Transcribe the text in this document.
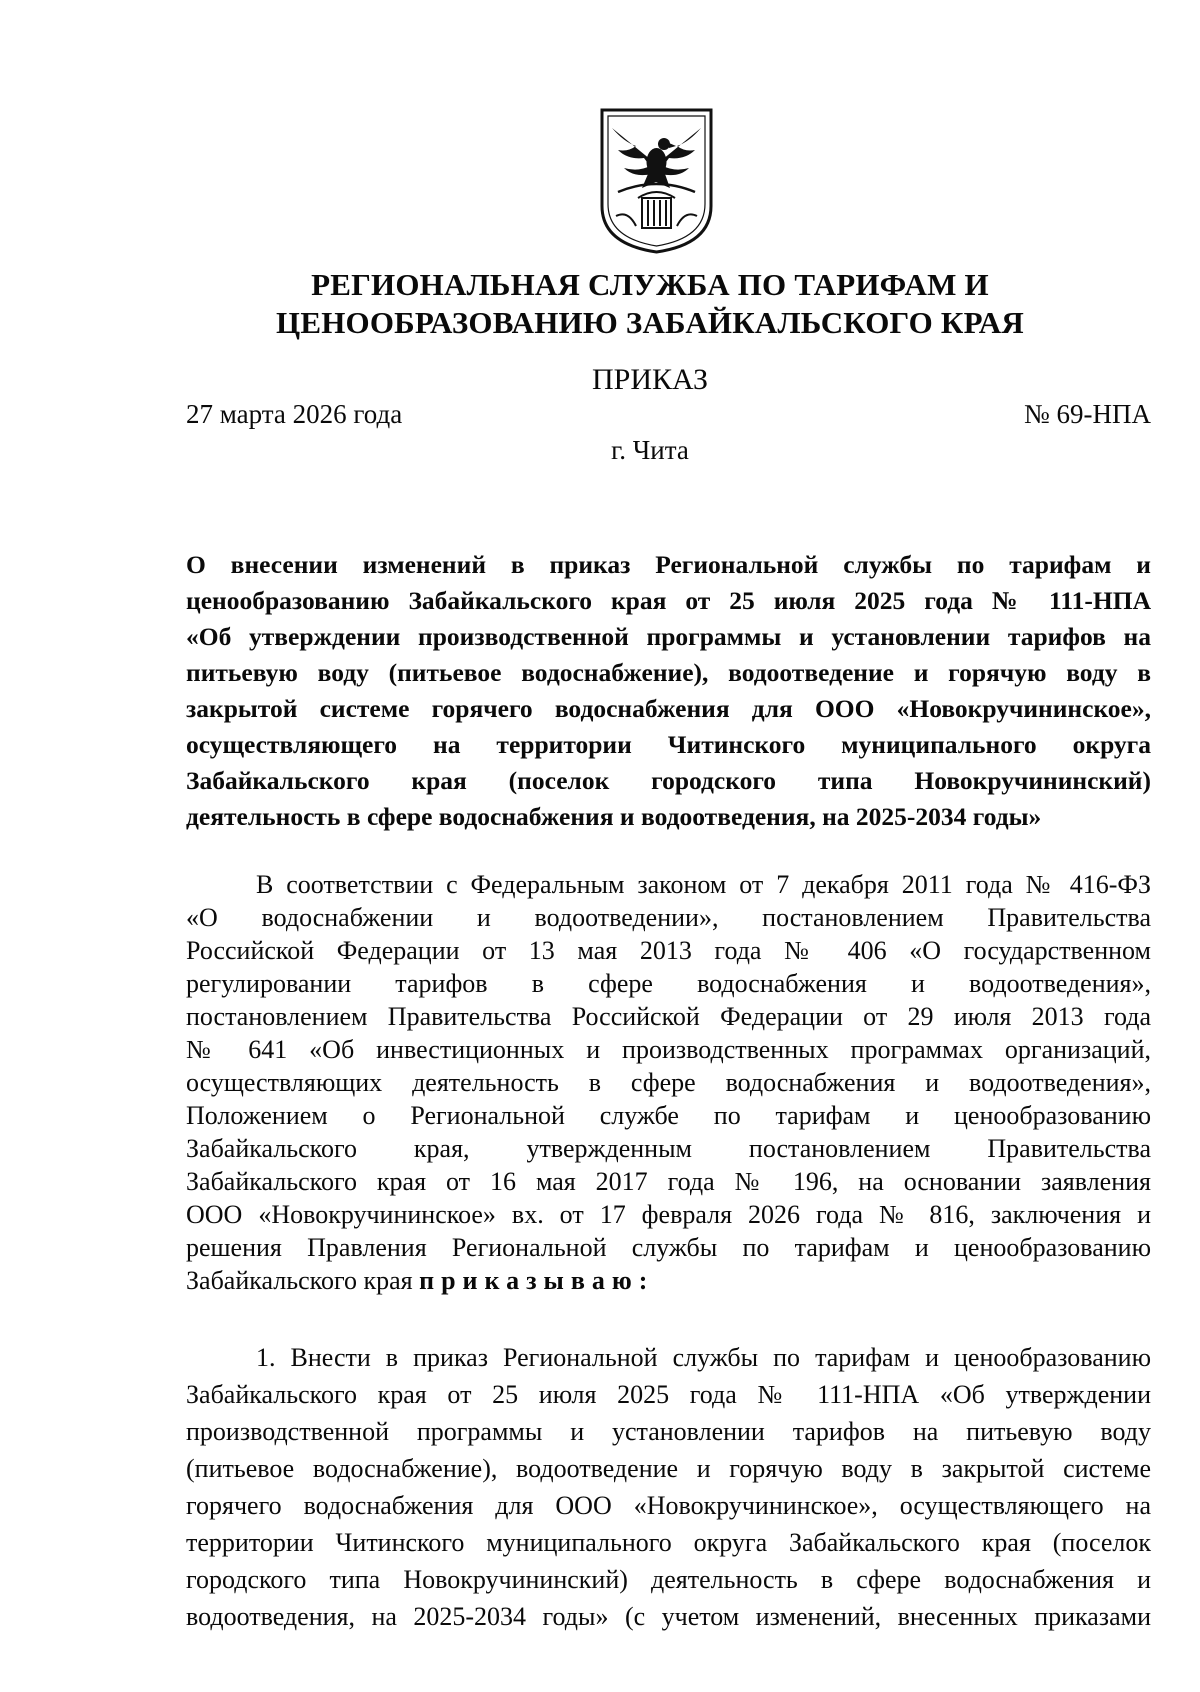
РЕГИОНАЛЬНАЯ СЛУЖБА ПО ТАРИФАМ И
ЦЕНООБРАЗОВАНИЮ ЗАБАЙКАЛЬСКОГО КРАЯ
ПРИКАЗ
27 марта 2026 года	№ 69-НПА
г. Чита
О внесении изменений в приказ Региональной службы по тарифам и
ценообразованию Забайкальского края от 25 июля 2025 года № 111-НПА
«Об утверждении производственной программы и установлении тарифов на
питьевую воду (питьевое водоснабжение), водоотведение и горячую воду в
закрытой системе горячего водоснабжения для ООО «Новокручининское»,
осуществляющего на территории Читинского муниципального округа
Забайкальского края (поселок городского типа Новокручининский)
деятельность в сфере водоснабжения и водоотведения, на 2025-2034 годы»
В соответствии с Федеральным законом от 7 декабря 2011 года № 416-ФЗ
«О водоснабжении и водоотведении», постановлением Правительства
Российской Федерации от 13 мая 2013 года № 406 «О государственном
регулировании тарифов в сфере водоснабжения и водоотведения»,
постановлением Правительства Российской Федерации от 29 июля 2013 года
№ 641 «Об инвестиционных и производственных программах организаций,
осуществляющих деятельность в сфере водоснабжения и водоотведения»,
Положением о Региональной службе по тарифам и ценообразованию
Забайкальского края, утвержденным постановлением Правительства
Забайкальского края от 16 мая 2017 года № 196, на основании заявления
ООО «Новокручининское» вх. от 17 февраля 2026 года № 816, заключения и
решения Правления Региональной службы по тарифам и ценообразованию
Забайкальского края приказываю:
1. Внести в приказ Региональной службы по тарифам и ценообразованию
Забайкальского края от 25 июля 2025 года № 111-НПА «Об утверждении
производственной программы и установлении тарифов на питьевую воду
(питьевое водоснабжение), водоотведение и горячую воду в закрытой системе
горячего водоснабжения для ООО «Новокручининское», осуществляющего на
территории Читинского муниципального округа Забайкальского края (поселок
городского типа Новокручининский) деятельность в сфере водоснабжения и
водоотведения, на 2025-2034 годы» (с учетом изменений, внесенных приказами
